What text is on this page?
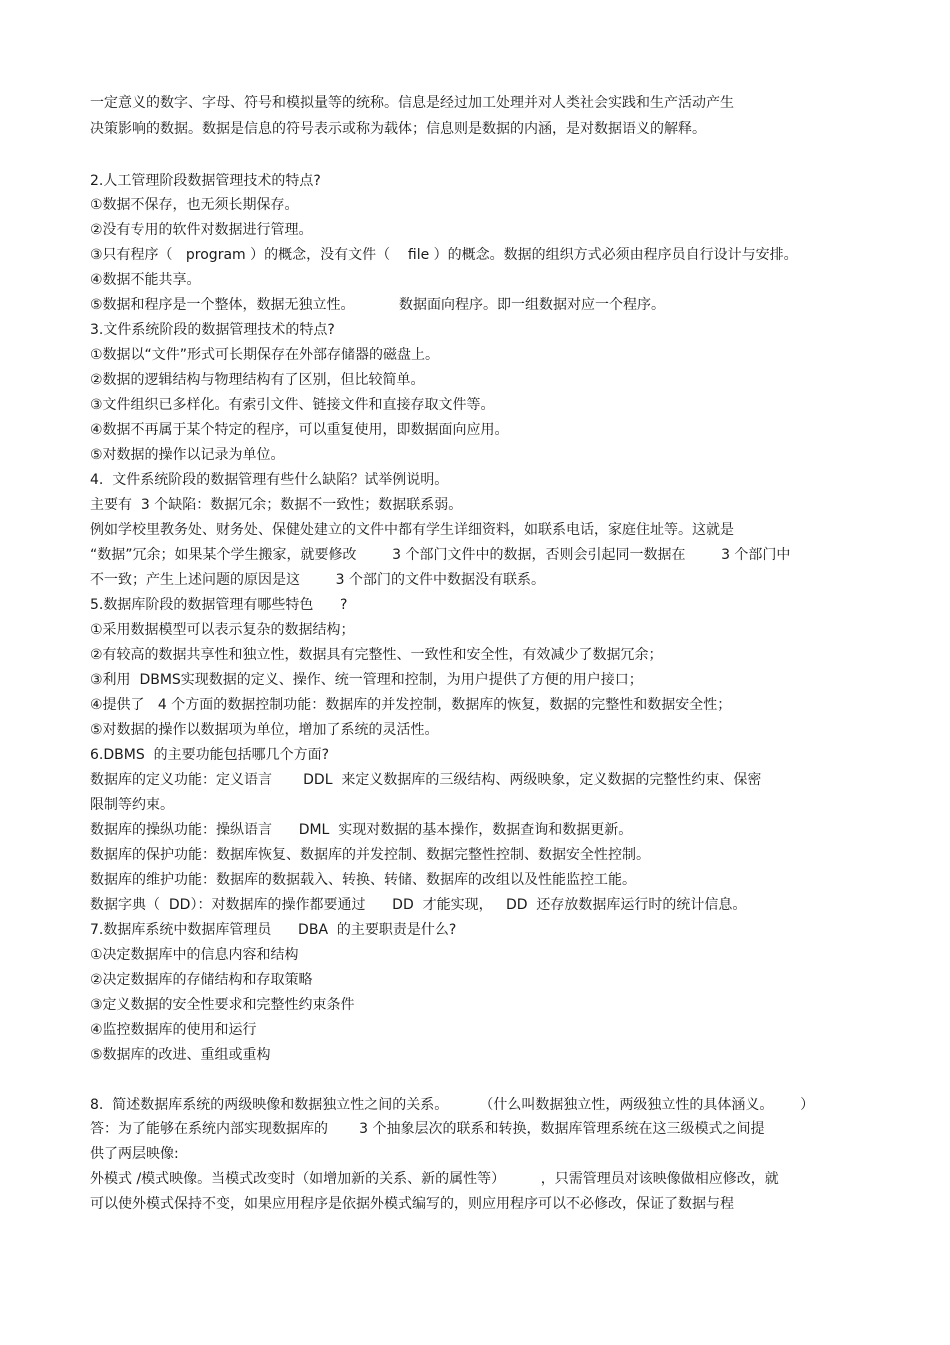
一定意义的数字、字母、符号和模拟量等的统称。信息是经过加工处理并对人类社会实践和生产活动产生
决策影响的数据。数据是信息的符号表示或称为载体；信息则是数据的内涵，是对数据语义的解释。
2.人工管理阶段数据管理技术的特点?
①数据不保存，也无须长期保存。
②没有专用的软件对数据进行管理。
③只有程序（   program ）的概念，没有文件（    file ）的概念。数据的组织方式必须由程序员自行设计与安排。
④数据不能共享。
⑤数据和程序是一个整体，数据无独立性。          数据面向程序。即一组数据对应一个程序。
3.文件系统阶段的数据管理技术的特点?
①数据以“文件”形式可长期保存在外部存储器的磁盘上。
②数据的逻辑结构与物理结构有了区别，但比较简单。
③文件组织已多样化。有索引文件、链接文件和直接存取文件等。
④数据不再属于某个特定的程序，可以重复使用，即数据面向应用。
⑤对数据的操作以记录为单位。
4.  文件系统阶段的数据管理有些什么缺陷？试举例说明。
主要有  3 个缺陷：数据冗余；数据不一致性；数据联系弱。
例如学校里教务处、财务处、保健处建立的文件中都有学生详细资料，如联系电话，家庭住址等。这就是
“数据”冗余；如果某个学生搬家，就要修改        3 个部门文件中的数据，否则会引起同一数据在        3 个部门中
不一致；产生上述问题的原因是这        3 个部门的文件中数据没有联系。
5.数据库阶段的数据管理有哪些特色      ?
①采用数据模型可以表示复杂的数据结构；
②有较高的数据共享性和独立性，数据具有完整性、一致性和安全性，有效减少了数据冗余；
③利用  DBMS实现数据的定义、操作、统一管理和控制，为用户提供了方便的用户接口；
④提供了   4 个方面的数据控制功能：数据库的并发控制，数据库的恢复，数据的完整性和数据安全性；
⑤对数据的操作以数据项为单位，增加了系统的灵活性。
6.DBMS  的主要功能包括哪几个方面?
数据库的定义功能：定义语言       DDL  来定义数据库的三级结构、两级映象，定义数据的完整性约束、保密
限制等约束。
数据库的操纵功能：操纵语言      DML  实现对数据的基本操作，数据查询和数据更新。
数据库的保护功能：数据库恢复、数据库的并发控制、数据完整性控制、数据安全性控制。
数据库的维护功能：数据库的数据载入、转换、转储、数据库的改组以及性能监控工能。
数据字典（  DD）：对数据库的操作都要通过      DD  才能实现，   DD  还存放数据库运行时的统计信息。
7.数据库系统中数据库管理员      DBA  的主要职责是什么?
①决定数据库中的信息内容和结构
②决定数据库的存储结构和存取策略
③定义数据的安全性要求和完整性约束条件
④监控数据库的使用和运行
⑤数据库的改进、重组或重构
8.  简述数据库系统的两级映像和数据独立性之间的关系。       （什么叫数据独立性，两级独立性的具体涵义。      ）
答：为了能够在系统内部实现数据库的       3 个抽象层次的联系和转换，数据库管理系统在这三级模式之间提
供了两层映像:
外模式 /模式映像。当模式改变时（如增加新的关系、新的属性等）        ，只需管理员对该映像做相应修改，就
可以使外模式保持不变，如果应用程序是依据外模式编写的，则应用程序可以不必修改，保证了数据与程
